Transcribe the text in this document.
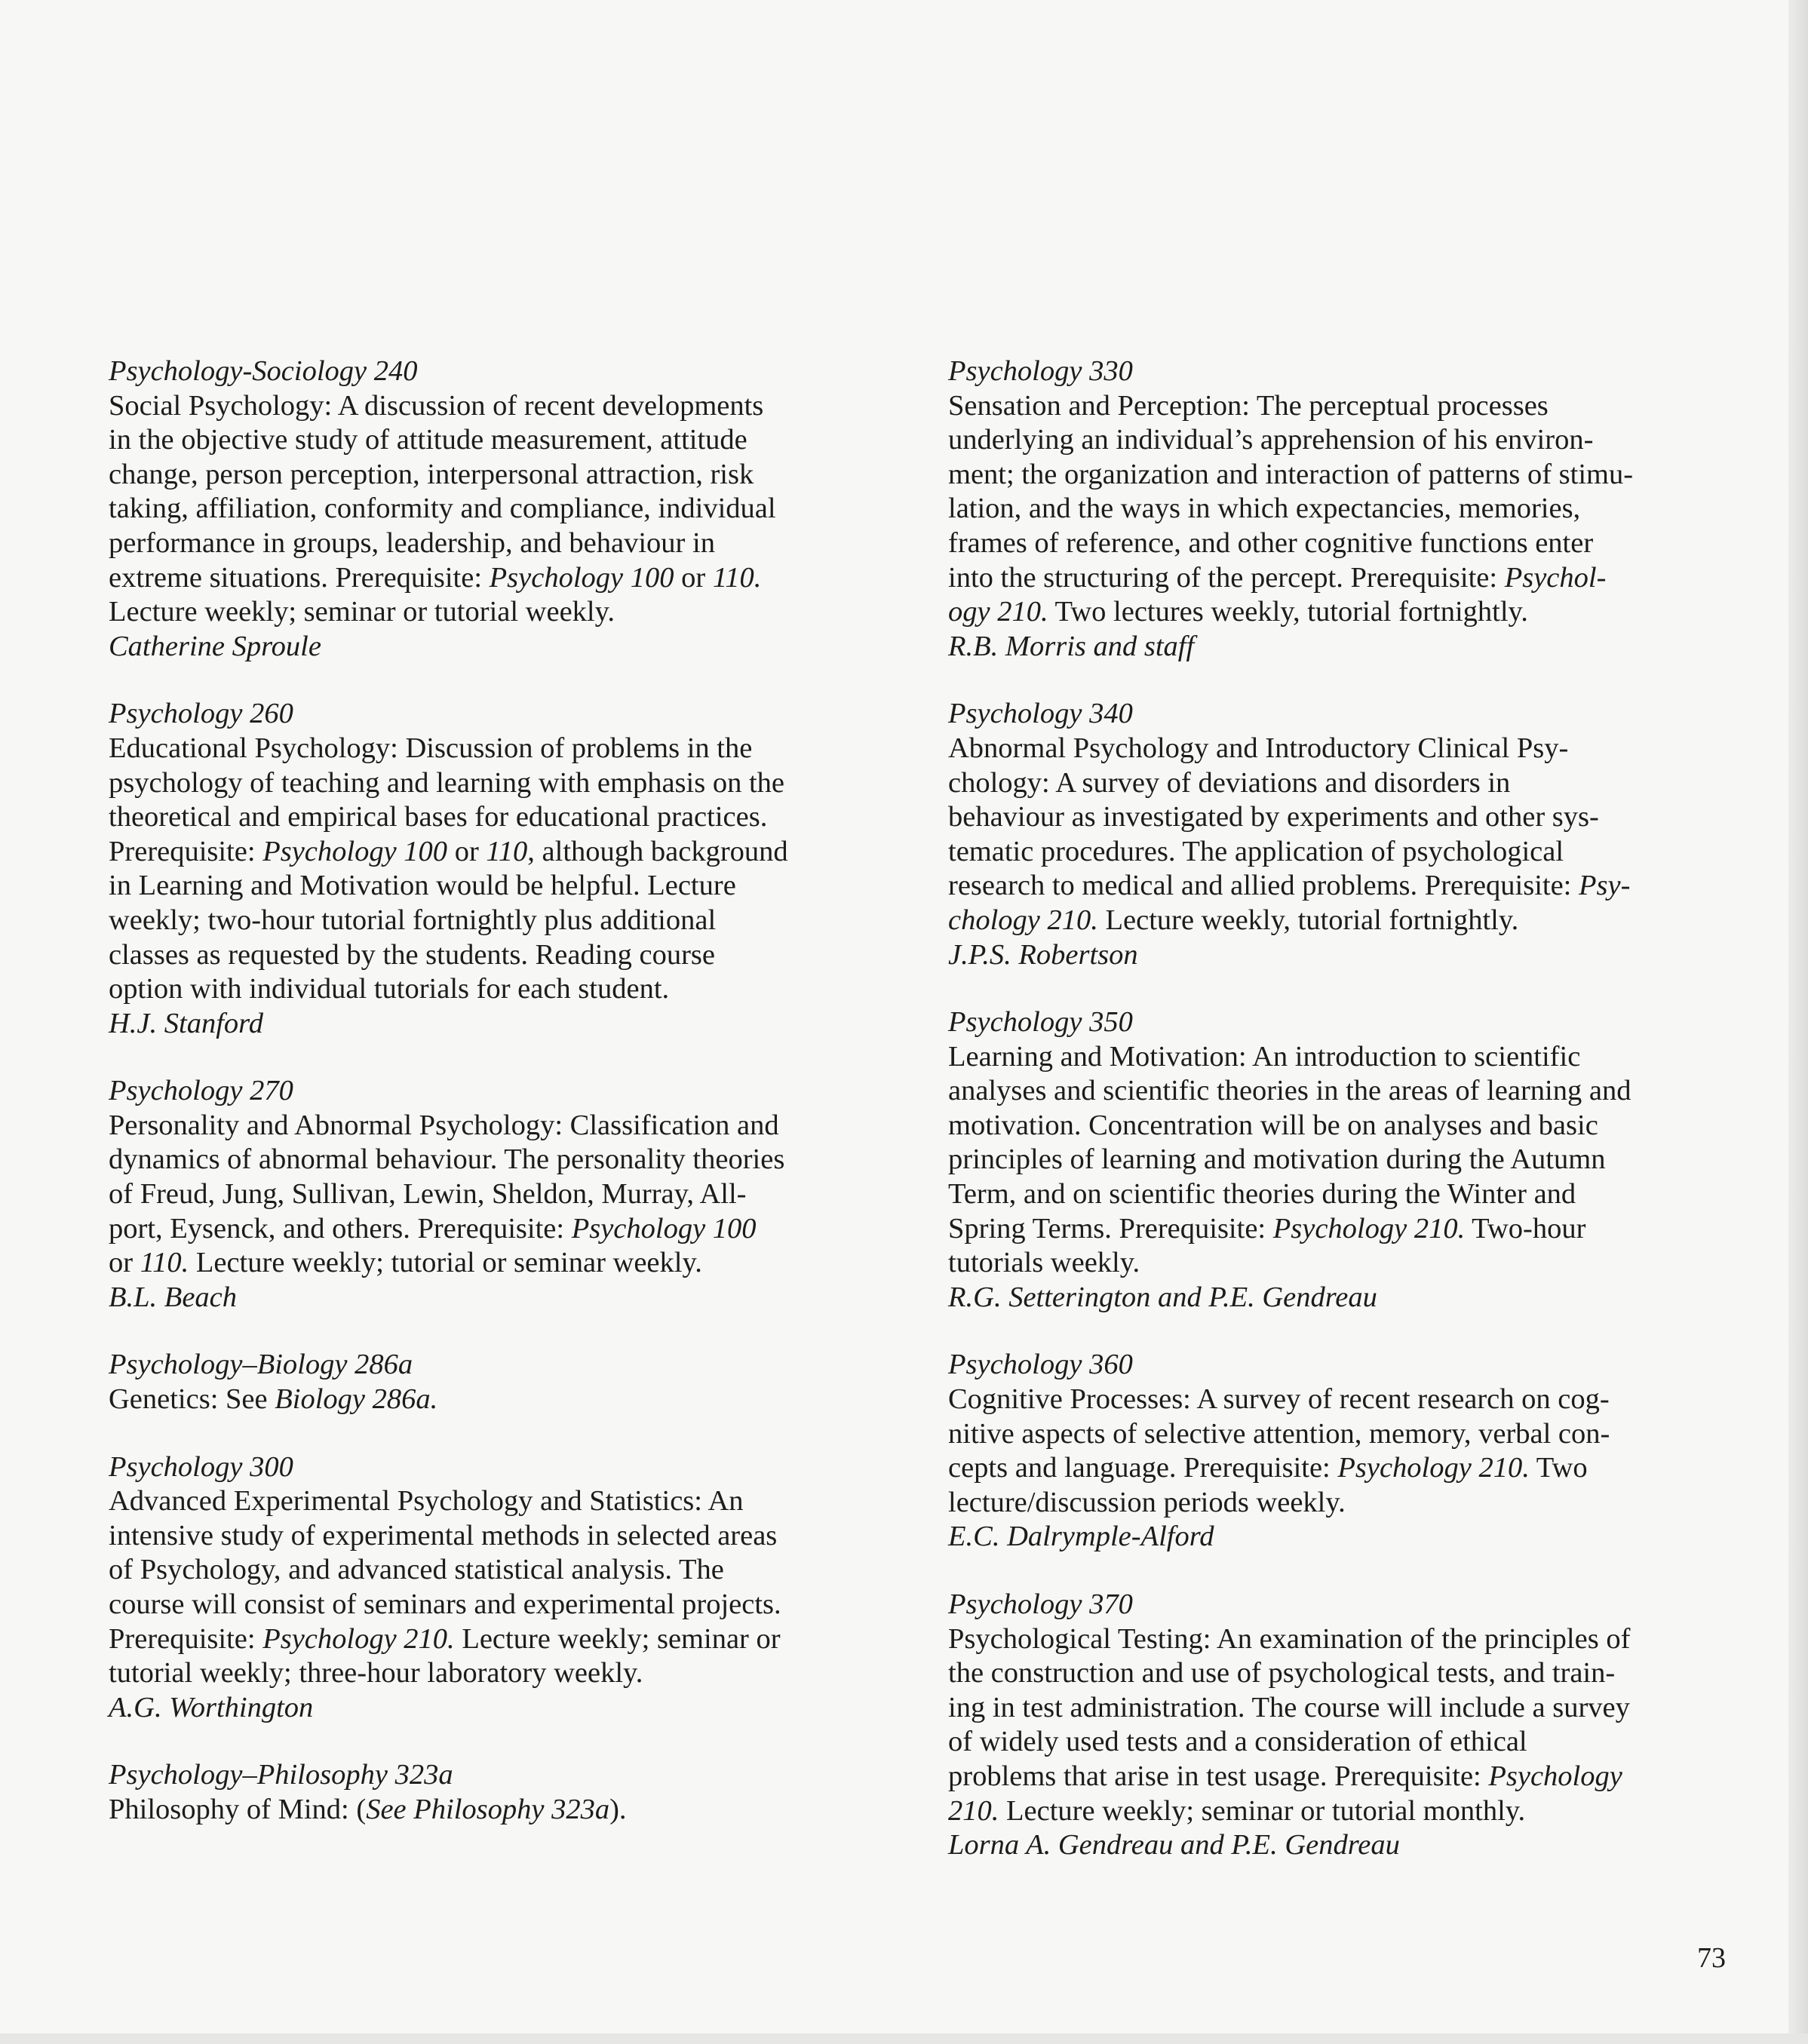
Psychology-Sociology 240
Social Psychology: A discussion of recent developments
in the objective study of attitude measurement, attitude
change, person perception, interpersonal attraction, risk
taking, affiliation, conformity and compliance, individual
performance in groups, leadership, and behaviour in
extreme situations. Prerequisite: Psychology 100 or 110.
Lecture weekly; seminar or tutorial weekly.
Catherine Sproule
Psychology 260
Educational Psychology: Discussion of problems in the
psychology of teaching and learning with emphasis on the
theoretical and empirical bases for educational practices.
Prerequisite: Psychology 100 or 110, although background
in Learning and Motivation would be helpful. Lecture
weekly; two-hour tutorial fortnightly plus additional
classes as requested by the students. Reading course
option with individual tutorials for each student.
H.J. Stanford
Psychology 270
Personality and Abnormal Psychology: Classification and
dynamics of abnormal behaviour. The personality theories
of Freud, Jung, Sullivan, Lewin, Sheldon, Murray, All-
port, Eysenck, and others. Prerequisite: Psychology 100
or 110. Lecture weekly; tutorial or seminar weekly.
B.L. Beach
Psychology–Biology 286a
Genetics: See Biology 286a.
Psychology 300
Advanced Experimental Psychology and Statistics: An
intensive study of experimental methods in selected areas
of Psychology, and advanced statistical analysis. The
course will consist of seminars and experimental projects.
Prerequisite: Psychology 210. Lecture weekly; seminar or
tutorial weekly; three-hour laboratory weekly.
A.G. Worthington
Psychology–Philosophy 323a
Philosophy of Mind: (See Philosophy 323a).
Psychology 330
Sensation and Perception: The perceptual processes
underlying an individual’s apprehension of his environ-
ment; the organization and interaction of patterns of stimu-
lation, and the ways in which expectancies, memories,
frames of reference, and other cognitive functions enter
into the structuring of the percept. Prerequisite: Psychol-
ogy 210. Two lectures weekly, tutorial fortnightly.
R.B. Morris and staff
Psychology 340
Abnormal Psychology and Introductory Clinical Psy-
chology: A survey of deviations and disorders in
behaviour as investigated by experiments and other sys-
tematic procedures. The application of psychological
research to medical and allied problems. Prerequisite: Psy-
chology 210. Lecture weekly, tutorial fortnightly.
J.P.S. Robertson
Psychology 350
Learning and Motivation: An introduction to scientific
analyses and scientific theories in the areas of learning and
motivation. Concentration will be on analyses and basic
principles of learning and motivation during the Autumn
Term, and on scientific theories during the Winter and
Spring Terms. Prerequisite: Psychology 210. Two-hour
tutorials weekly.
R.G. Setterington and P.E. Gendreau
Psychology 360
Cognitive Processes: A survey of recent research on cog-
nitive aspects of selective attention, memory, verbal con-
cepts and language. Prerequisite: Psychology 210. Two
lecture/discussion periods weekly.
E.C. Dalrymple-Alford
Psychology 370
Psychological Testing: An examination of the principles of
the construction and use of psychological tests, and train-
ing in test administration. The course will include a survey
of widely used tests and a consideration of ethical
problems that arise in test usage. Prerequisite: Psychology
210. Lecture weekly; seminar or tutorial monthly.
Lorna A. Gendreau and P.E. Gendreau
73
